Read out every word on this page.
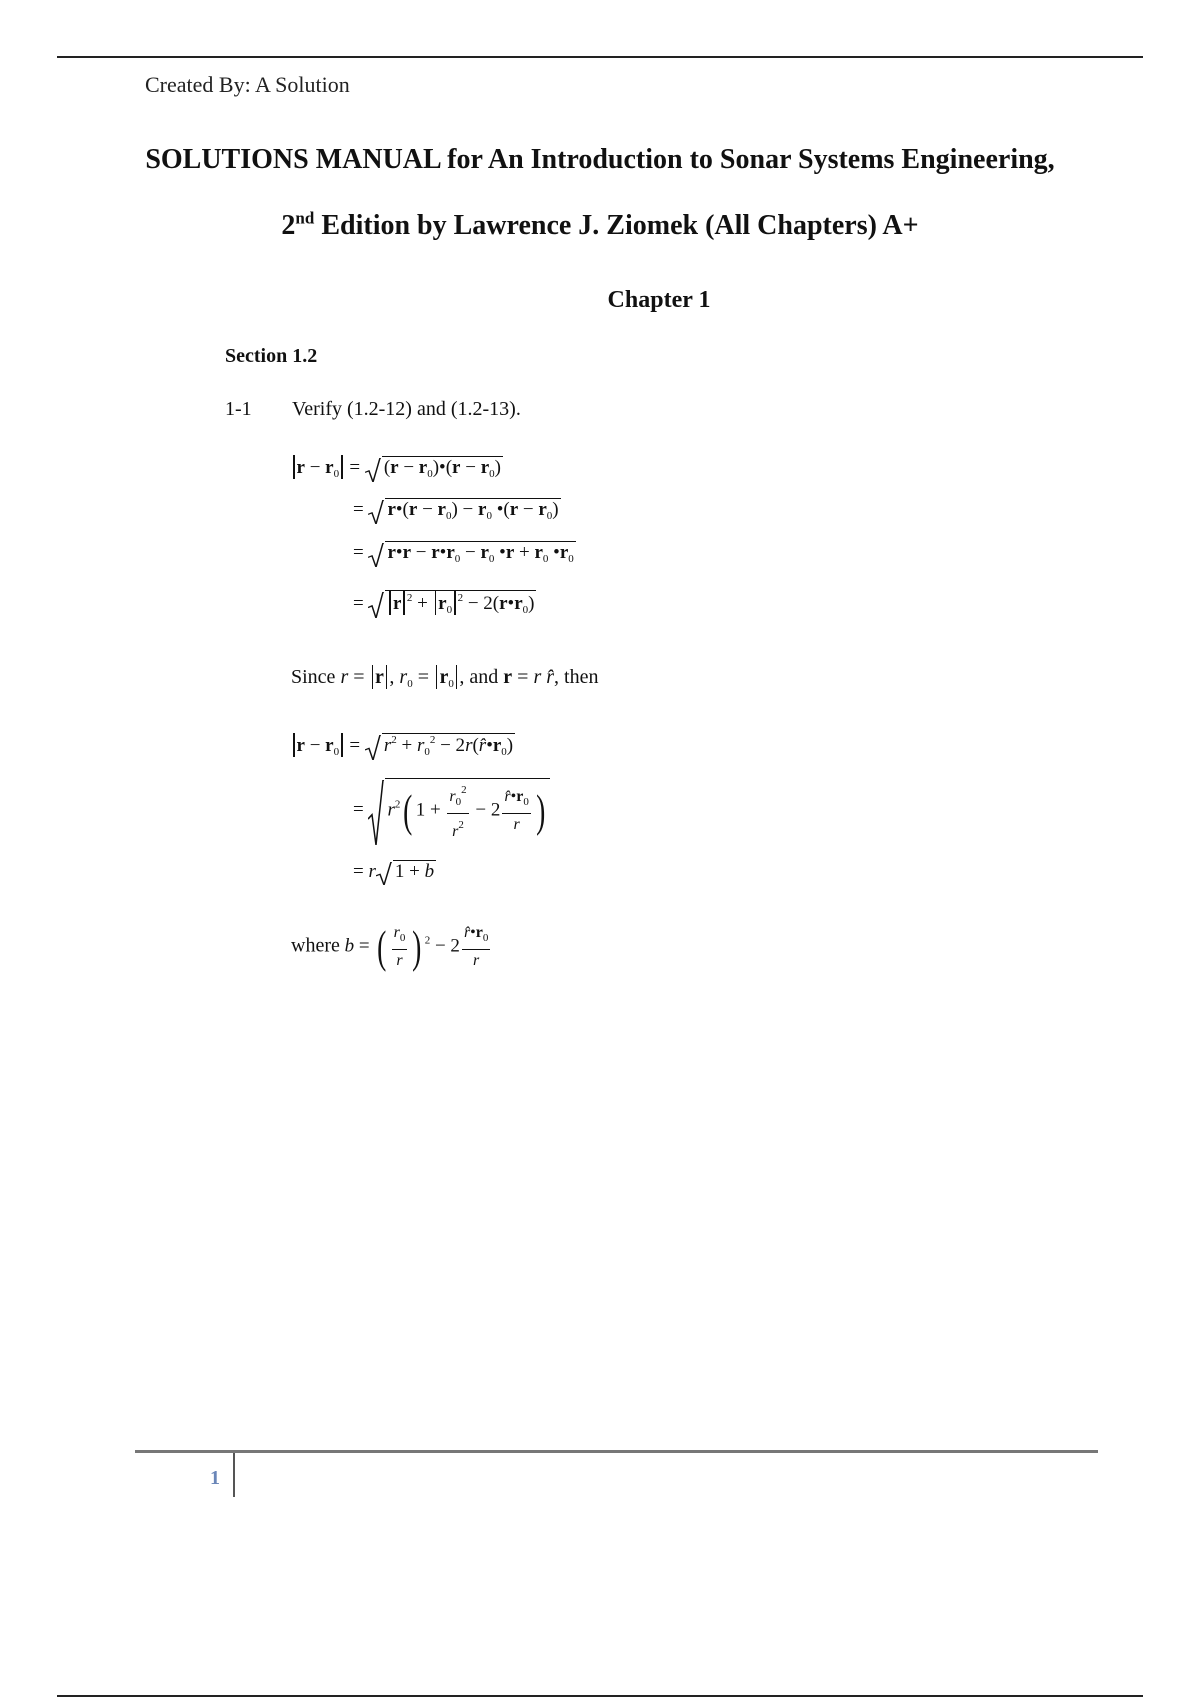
Created By: A Solution
SOLUTIONS MANUAL for An Introduction to Sonar Systems Engineering,
2nd Edition by Lawrence J. Ziomek (All Chapters) A+
Chapter 1
Section 1.2
1-1 Verify (1.2-12) and (1.2-13).
$r - r_0$ =
$(r - r_0)•(r - r_0)$
=
r•(r − $r_0) - r_0$ •(r − $r_0$)
=
r•r − $r•r_0 - r_0$ •r + $r_0$ $•r_0$
=
r $^2 + r_0^2$ − $2(r•r_0)$
Since r = r , $r_0 = r_0$ , and r = r r̂, then
$r - r_0$ =
$r^2 + r_0^2$ − $2r(r̂•r_0)$
=
$r^2$( $1 + \frac{r_0^2}{r^2} - 2 \frac{r̂•r_0}{r}$ )
= r 1 + b
where b = ( $\frac{r_0}{r}$ ) $^2 - 2 \frac{r̂•r_0}{r}$
1
